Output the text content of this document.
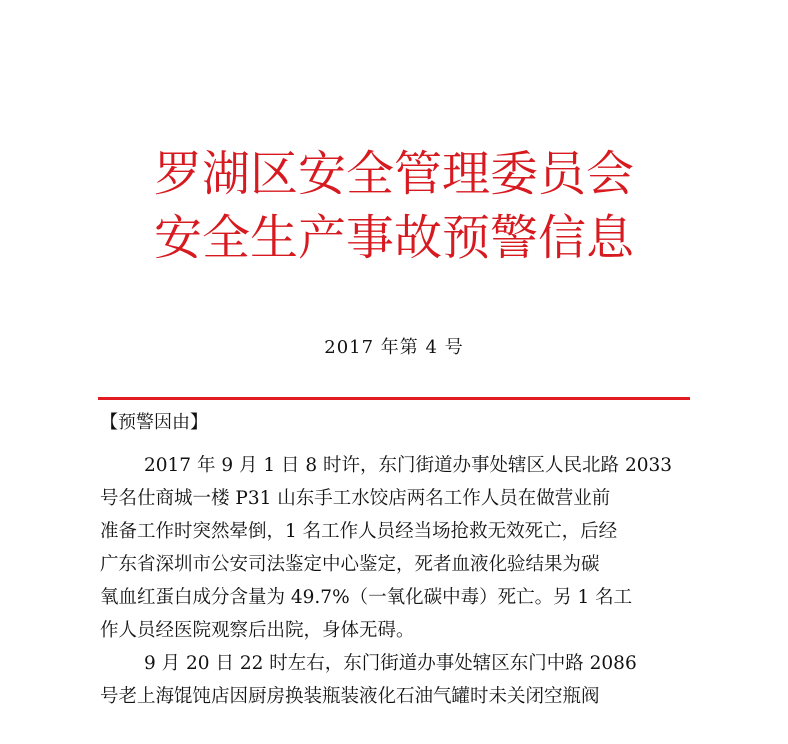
罗湖区安全管理委员会
安全生产事故预警信息
2017 年第 4 号
【预警因由】
2017 年 9 月 1 日 8 时许，东门街道办事处辖区人民北路 2033
号名仕商城一楼 P31 山东手工水饺店两名工作人员在做营业前
准备工作时突然晕倒，1 名工作人员经当场抢救无效死亡，后经
广东省深圳市公安司法鉴定中心鉴定，死者血液化验结果为碳
氧血红蛋白成分含量为 49.7%（一氧化碳中毒）死亡。另 1 名工
作人员经医院观察后出院，身体无碍。
9 月 20 日 22 时左右，东门街道办事处辖区东门中路 2086
号老上海馄饨店因厨房换装瓶装液化石油气罐时未关闭空瓶阀
